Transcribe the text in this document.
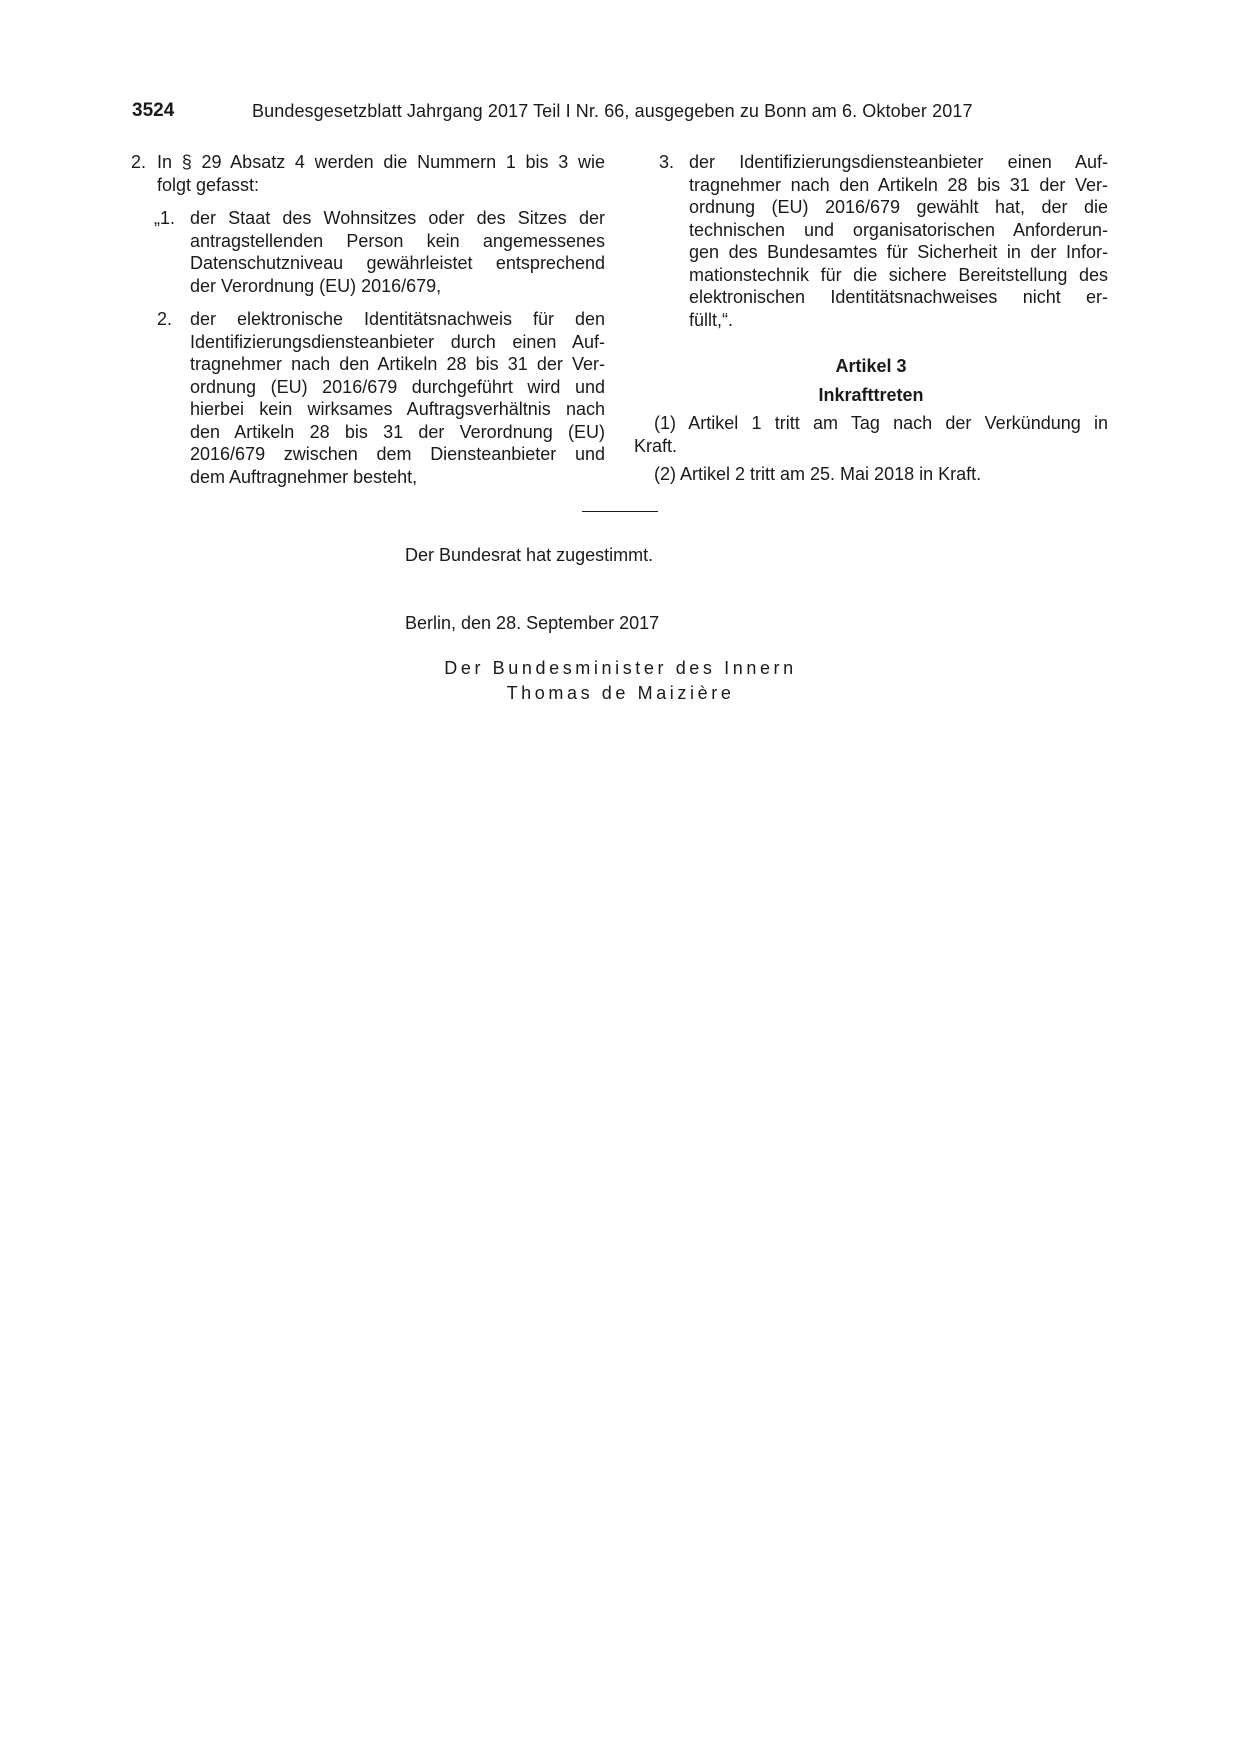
3524	Bundesgesetzblatt Jahrgang 2017 Teil I Nr. 66, ausgegeben zu Bonn am 6. Oktober 2017
2. In § 29 Absatz 4 werden die Nummern 1 bis 3 wie
folgt gefasst:
„1. der Staat des Wohnsitzes oder des Sitzes der
antragstellenden Person kein angemessenes
Datenschutzniveau gewährleistet entsprechend
der Verordnung (EU) 2016/679,
2. der elektronische Identitätsnachweis für den
Identifizierungsdiensteanbieter durch einen Auf-
tragnehmer nach den Artikeln 28 bis 31 der Ver-
ordnung (EU) 2016/679 durchgeführt wird und
hierbei kein wirksames Auftragsverhältnis nach
den Artikeln 28 bis 31 der Verordnung (EU)
2016/679 zwischen dem Diensteanbieter und
dem Auftragnehmer besteht,
3. der Identifizierungsdiensteanbieter einen Auf-
tragnehmer nach den Artikeln 28 bis 31 der Ver-
ordnung (EU) 2016/679 gewählt hat, der die
technischen und organisatorischen Anforderun-
gen des Bundesamtes für Sicherheit in der Infor-
mationstechnik für die sichere Bereitstellung des
elektronischen Identitätsnachweises nicht er-
füllt,“.
Artikel 3
Inkrafttreten
(1) Artikel 1 tritt am Tag nach der Verkündung in
Kraft.
(2) Artikel 2 tritt am 25. Mai 2018 in Kraft.
Der Bundesrat hat zugestimmt.
Berlin, den 28. September 2017
Der Bundesminister des Innern
Thomas de Maizière
